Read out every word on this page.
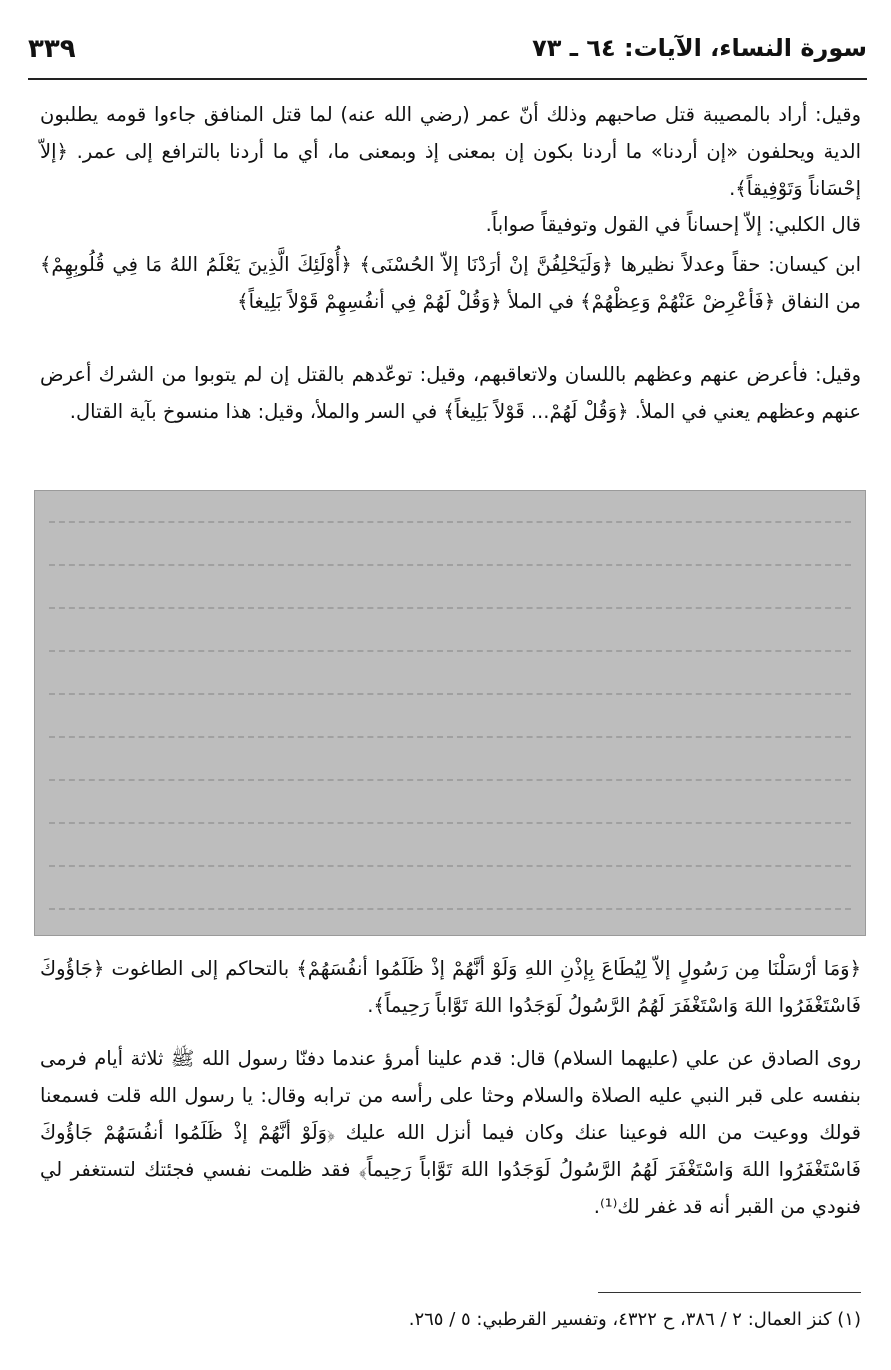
سورة النساء، الآيات: ٦٤ ـ ٧٣
٣٣٩

وقيل: أراد بالمصيبة قتل صاحبهم وذلك أنّ عمر (رضي الله عنه) لما قتل المنافق جاءوا قومه يطلبون الدية ويحلفون «إن أردنا» ما أردنا بكون إن بمعنى إذ وبمعنى ما، أي ما أردنا بالترافع إلى عمر. ﴿إلاّ إحْسَاناً وَتَوْفِيقاً﴾.

قال الكلبي: إلاّ إحساناً في القول وتوفيقاً صواباً.

ابن كيسان: حقاً وعدلاً نظيرها ﴿وَلَيَحْلِفُنَّ إنْ أرَدْنَا إلاّ الحُسْنَى﴾ ﴿أُوْلَئِكَ الَّذِينَ يَعْلَمُ اللهُ مَا فِي قُلُوبِهِمْ﴾ من النفاق ﴿فَأعْرِضْ عَنْهُمْ وَعِظْهُمْ﴾ في الملأ ﴿وَقُلْ لَهُمْ فِي أنفُسِهِمْ قَوْلاً بَلِيغاً﴾

وقيل: فأعرض عنهم وعظهم باللسان ولاتعاقبهم، وقيل: توعّدهم بالقتل إن لم يتوبوا من الشرك أعرض عنهم وعظهم يعني في الملأ. ﴿وَقُلْ لَهُمْ... قَوْلاً بَلِيغاً﴾ في السر والملأ، وقيل: هذا منسوخ بآية القتال.

﴿وَمَا أرْسَلْنَا مِن رَسُولٍ إلاّ لِيُطَاعَ بِإذْنِ اللهِ وَلَوْ أنَّهُمْ إذْ ظَلَمُوا أنفُسَهُمْ﴾ بالتحاكم إلى الطاغوت ﴿جَاؤُوكَ فَاسْتَغْفَرُوا اللهَ وَاسْتَغْفَرَ لَهُمُ الرَّسُولُ لَوَجَدُوا اللهَ تَوَّاباً رَحِيماً﴾.

روى الصادق عن علي (عليهما السلام) قال: قدم علينا أمرؤ عندما دفنّا رسول الله ﷺ ثلاثة أيام فرمى بنفسه على قبر النبي عليه الصلاة والسلام وحثا على رأسه من ترابه وقال: يا رسول الله قلت فسمعنا قولك ووعيت من الله فوعينا عنك وكان فيما أنزل الله عليك ﴿وَلَوْ أنَّهُمْ إذْ ظَلَمُوا أنفُسَهُمْ جَاؤُوكَ فَاسْتَغْفَرُوا اللهَ وَاسْتَغْفَرَ لَهُمُ الرَّسُولُ لَوَجَدُوا اللهَ تَوَّاباً رَحِيماً﴾ فقد ظلمت نفسي فجئتك لتستغفر لي فنودي من القبر أنه قد غفر لك⁽¹⁾.

(١) كنز العمال: ٢ / ٣٨٦، ح ٤٣٢٢، وتفسير القرطبي: ٥ / ٢٦٥.
